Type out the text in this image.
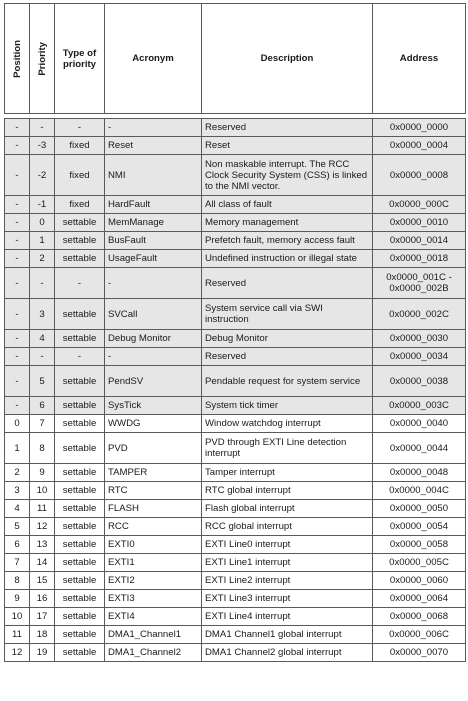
Position	Priority	Type of priority	Acronym	Description	Address

-	-	-	-	Reserved	0x0000_0000
-	-3	fixed	Reset	Reset	0x0000_0004
-	-2	fixed	NMI	Non maskable interrupt. The RCC Clock Security System (CSS) is linked to the NMI vector.	0x0000_0008
-	-1	fixed	HardFault	All class of fault	0x0000_000C
-	0	settable	MemManage	Memory management	0x0000_0010
-	1	settable	BusFault	Prefetch fault, memory access fault	0x0000_0014
-	2	settable	UsageFault	Undefined instruction or illegal state	0x0000_0018
-	-	-	-	Reserved	0x0000_001C - 0x0000_002B
-	3	settable	SVCall	System service call via SWI instruction	0x0000_002C
-	4	settable	Debug Monitor	Debug Monitor	0x0000_0030
-	-	-	-	Reserved	0x0000_0034
-	5	settable	PendSV	Pendable request for system service	0x0000_0038
-	6	settable	SysTick	System tick timer	0x0000_003C
0	7	settable	WWDG	Window watchdog interrupt	0x0000_0040
1	8	settable	PVD	PVD through EXTI Line detection interrupt	0x0000_0044
2	9	settable	TAMPER	Tamper interrupt	0x0000_0048
3	10	settable	RTC	RTC global interrupt	0x0000_004C
4	11	settable	FLASH	Flash global interrupt	0x0000_0050
5	12	settable	RCC	RCC global interrupt	0x0000_0054
6	13	settable	EXTI0	EXTI Line0 interrupt	0x0000_0058
7	14	settable	EXTI1	EXTI Line1 interrupt	0x0000_005C
8	15	settable	EXTI2	EXTI Line2 interrupt	0x0000_0060
9	16	settable	EXTI3	EXTI Line3 interrupt	0x0000_0064
10	17	settable	EXTI4	EXTI Line4 interrupt	0x0000_0068
11	18	settable	DMA1_Channel1	DMA1 Channel1 global interrupt	0x0000_006C
12	19	settable	DMA1_Channel2	DMA1 Channel2 global interrupt	0x0000_0070
